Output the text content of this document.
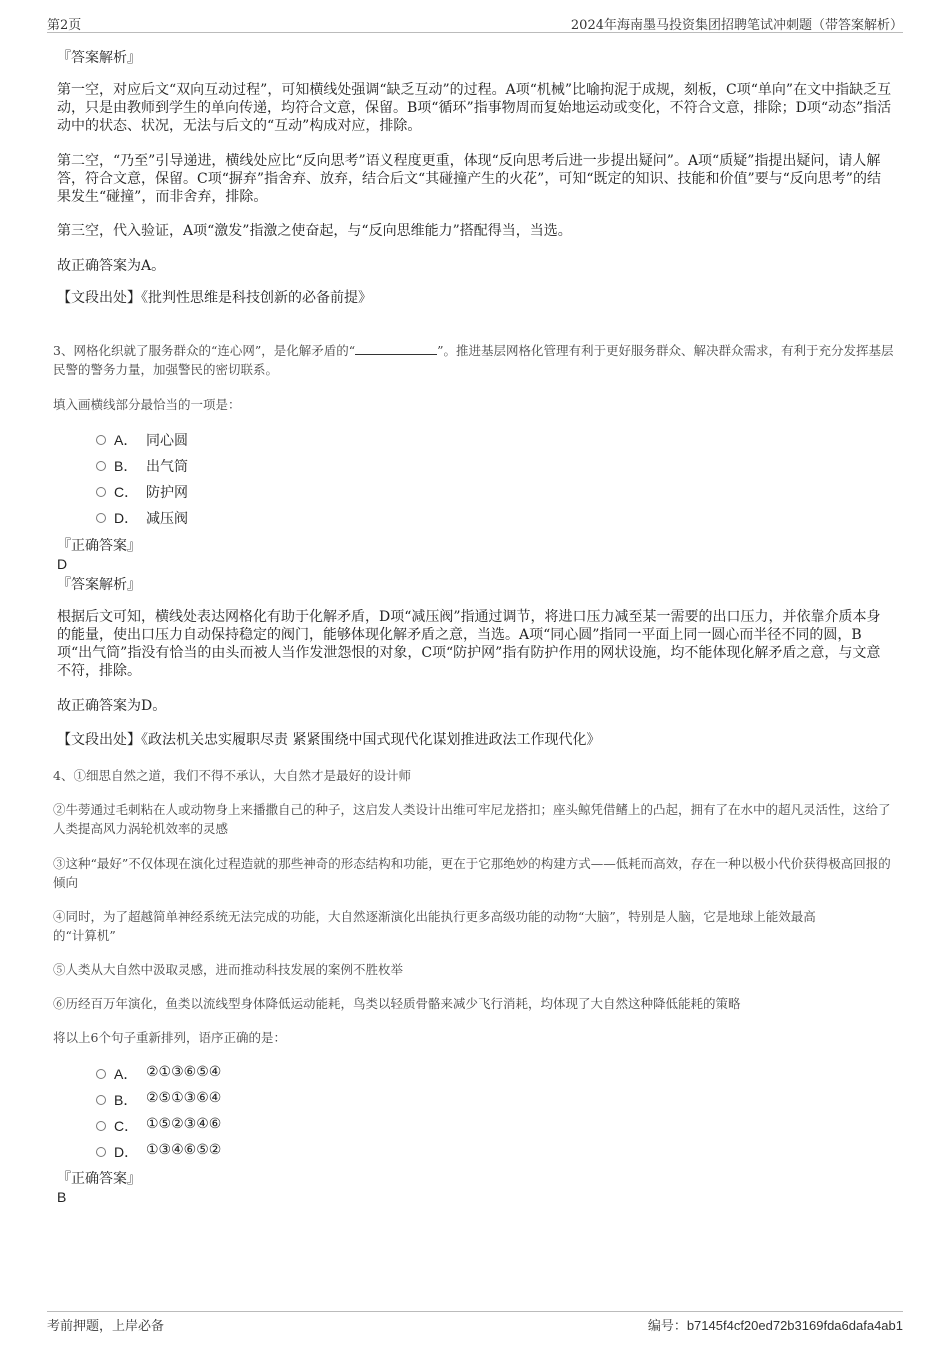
第2页	2024年海南墨马投资集团招聘笔试冲刺题（带答案解析）

『答案解析』

第一空，对应后文“双向互动过程”，可知横线处强调“缺乏互动”的过程。A项“机械”比喻拘泥于成规，刻板，C项“单向”在文中指缺乏互动，只是由教师到学生的单向传递，均符合文意，保留。B项“循环”指事物周而复始地运动或变化，不符合文意，排除；D项“动态”指活动中的状态、状况，无法与后文的“互动”构成对应，排除。

第二空，“乃至”引导递进，横线处应比“反向思考”语义程度更重，体现“反向思考后进一步提出疑问”。A项“质疑”指提出疑问，请人解答，符合文意，保留。C项“摒弃”指舍弃、放弃，结合后文“其碰撞产生的火花”，可知“既定的知识、技能和价值”要与“反向思考”的结果发生“碰撞”，而非舍弃，排除。

第三空，代入验证，A项“激发”指激之使奋起，与“反向思维能力”搭配得当，当选。

故正确答案为A。

【文段出处】《批判性思维是科技创新的必备前提》

3、网格化织就了服务群众的“连心网”，是化解矛盾的“	”。推进基层网格化管理有利于更好服务群众、解决群众需求，有利于充分发挥基层民警的警务力量，加强警民的密切联系。

填入画横线部分最恰当的一项是：

A． 同心圆
B． 出气筒
C． 防护网
D． 减压阀

『正确答案』

D

『答案解析』

根据后文可知，横线处表达网格化有助于化解矛盾，D项“减压阀”指通过调节，将进口压力减至某一需要的出口压力，并依靠介质本身的能量，使出口压力自动保持稳定的阀门，能够体现化解矛盾之意，当选。A项“同心圆”指同一平面上同一圆心而半径不同的圆，B项“出气筒”指没有恰当的由头而被人当作发泄怨恨的对象，C项“防护网”指有防护作用的网状设施，均不能体现化解矛盾之意，与文意不符，排除。

故正确答案为D。

【文段出处】《政法机关忠实履职尽责 紧紧围绕中国式现代化谋划推进政法工作现代化》

4、①细思自然之道，我们不得不承认，大自然才是最好的设计师

②牛蒡通过毛刺粘在人或动物身上来播撒自己的种子，这启发人类设计出维可牢尼龙搭扣；座头鲸凭借鳍上的凸起，拥有了在水中的超凡灵活性，这给了人类提高风力涡轮机效率的灵感

③这种“最好”不仅体现在演化过程造就的那些神奇的形态结构和功能，更在于它那绝妙的构建方式——低耗而高效，存在一种以极小代价获得极高回报的倾向

④同时，为了超越简单神经系统无法完成的功能，大自然逐渐演化出能执行更多高级功能的动物“大脑”，特别是人脑，它是地球上能效最高

的“计算机”

⑤人类从大自然中汲取灵感，进而推动科技发展的案例不胜枚举

⑥历经百万年演化，鱼类以流线型身体降低运动能耗，鸟类以轻质骨骼来减少飞行消耗，均体现了大自然这种降低能耗的策略

将以上6个句子重新排列，语序正确的是：

A． ②①③⑥⑤④
B． ②⑤①③⑥④
C． ①⑤②③④⑥
D． ①③④⑥⑤②

『正确答案』

B

考前押题，上岸必备	编号：b7145f4cf20ed72b3169fda6dafa4ab1
